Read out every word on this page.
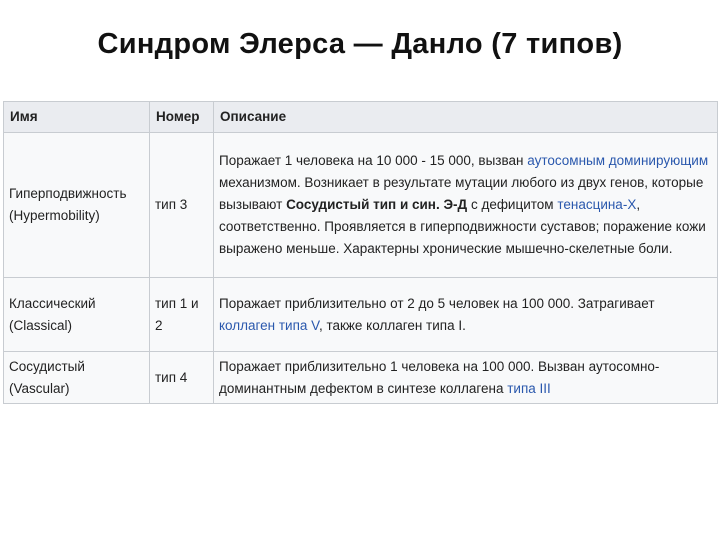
Синдром Элерса — Данло (7 типов)
Имя	Номер	Описание
Гиперподвижность (Hypermobility)	тип 3	Поражает 1 человека на 10 000 - 15 000, вызван аутосомным доминирующим механизмом. Возникает в результате мутации любого из двух генов, которые вызывают Сосудистый тип и син. Э-Д с дефицитом тенасцина-X, соответственно. Проявляется в гиперподвижности суставов; поражение кожи выражено меньше. Характерны хронические мышечно-скелетные боли.
Классический (Classical)	тип 1 и 2	Поражает приблизительно от 2 до 5 человек на 100 000. Затрагивает коллаген типа V, также коллаген типа I.
Сосудистый (Vascular)	тип 4	Поражает приблизительно 1 человека на 100 000. Вызван аутосомно-доминантным дефектом в синтезе коллагена типа III
